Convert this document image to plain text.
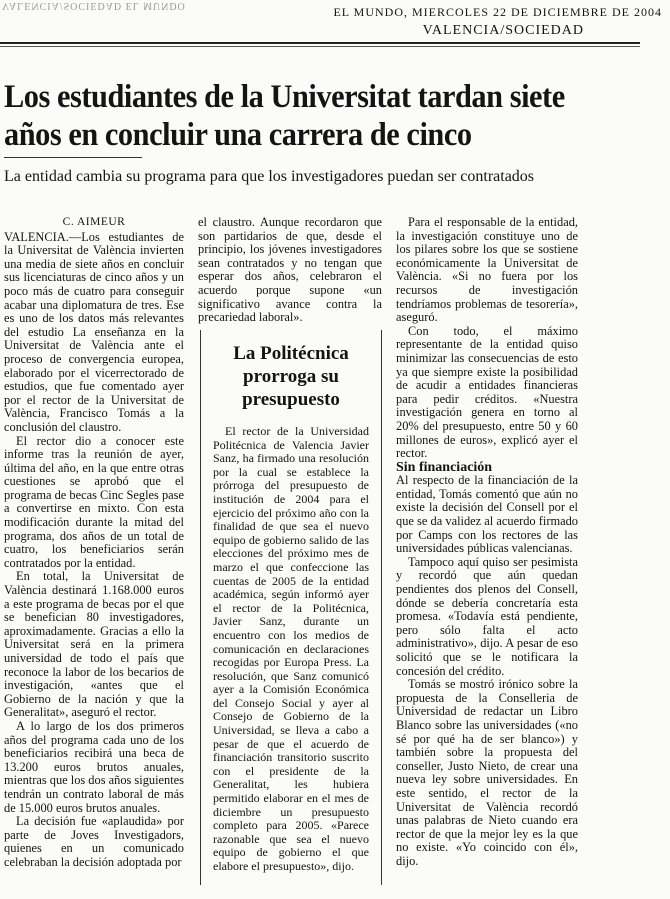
VALENCIA/SOCIEDAD EL MUNDO	EL MUNDO, MIERCOLES 22 DE DICIEMBRE DE 2004
VALENCIA/SOCIEDAD
Los estudiantes de la Universitat tardan siete años en concluir una carrera de cinco
La entidad cambia su programa para que los investigadores puedan ser contratados
C. AIMEUR

VALENCIA.—Los estudiantes de la Universitat de València invierten una media de siete años en concluir sus licenciaturas de cinco años y un poco más de cuatro para conseguir acabar una diplomatura de tres. Ese es uno de los datos más relevantes del estudio La enseñanza en la Universitat de València ante el proceso de convergencia europea, elaborado por el vicerrectorado de estudios, que fue comentado ayer por el rector de la Universitat de València, Francisco Tomás a la conclusión del claustro.

El rector dio a conocer este informe tras la reunión de ayer, última del año, en la que entre otras cuestiones se aprobó que el programa de becas Cinc Segles pase a convertirse en mixto. Con esta modificación durante la mitad del programa, dos años de un total de cuatro, los beneficiarios serán contratados por la entidad.

En total, la Universitat de València destinará 1.168.000 euros a este programa de becas por el que se benefician 80 investigadores, aproximadamente. Gracias a ello la Universitat será en la primera universidad de todo el país que reconoce la labor de los becarios de investigación, «antes que el Gobierno de la nación y que la Generalitat», aseguró el rector.

A lo largo de los dos primeros años del programa cada uno de los beneficiarios recibirá una beca de 13.200 euros brutos anuales, mientras que los dos años siguientes tendrán un contrato laboral de más de 15.000 euros brutos anuales.

La decisión fue «aplaudida» por parte de Joves Investigadors, quienes en un comunicado celebraban la decisión adoptada por

el claustro. Aunque recordaron que son partidarios de que, desde el principio, los jóvenes investigadores sean contratados y no tengan que esperar dos años, celebraron el acuerdo porque supone «un significativo avance contra la precariedad laboral».

La Politécnica prorroga su presupuesto

El rector de la Universidad Politécnica de Valencia Javier Sanz, ha firmado una resolución por la cual se establece la prórroga del presupuesto de institución de 2004 para el ejercicio del próximo año con la finalidad de que sea el nuevo equipo de gobierno salido de las elecciones del próximo mes de marzo el que confeccione las cuentas de 2005 de la entidad académica, según informó ayer el rector de la Politécnica, Javier Sanz, durante un encuentro con los medios de comunicación en declaraciones recogidas por Europa Press. La resolución, que Sanz comunicó ayer a la Comisión Económica del Consejo Social y ayer al Consejo de Gobierno de la Universidad, se lleva a cabo a pesar de que el acuerdo de financiación transitorio suscrito con el presidente de la Generalitat, les hubiera permitido elaborar en el mes de diciembre un presupuesto completo para 2005. «Parece razonable que sea el nuevo equipo de gobierno el que elabore el presupuesto», dijo.

Para el responsable de la entidad, la investigación constituye uno de los pilares sobre los que se sostiene económicamente la Universitat de València. «Si no fuera por los recursos de investigación tendríamos problemas de tesorería», aseguró.

Con todo, el máximo representante de la entidad quiso minimizar las consecuencias de esto ya que siempre existe la posibilidad de acudir a entidades financieras para pedir créditos. «Nuestra investigación genera en torno al 20% del presupuesto, entre 50 y 60 millones de euros», explicó ayer el rector.

Sin financiación

Al respecto de la financiación de la entidad, Tomás comentó que aún no existe la decisión del Consell por el que se da validez al acuerdo firmado por Camps con los rectores de las universidades públicas valencianas.

Tampoco aquí quiso ser pesimista y recordó que aún quedan pendientes dos plenos del Consell, dónde se debería concretaría esta promesa. «Todavía está pendiente, pero sólo falta el acto administrativo», dijo. A pesar de eso solicitó que se le notificara la concesión del crédito.

Tomás se mostró irónico sobre la propuesta de la Conselleria de Universidad de redactar un Libro Blanco sobre las universidades («no sé por qué ha de ser blanco») y también sobre la propuesta del conseller, Justo Nieto, de crear una nueva ley sobre universidades. En este sentido, el rector de la Universitat de València recordó unas palabras de Nieto cuando era rector de que la mejor ley es la que no existe. «Yo coincido con él», dijo.
